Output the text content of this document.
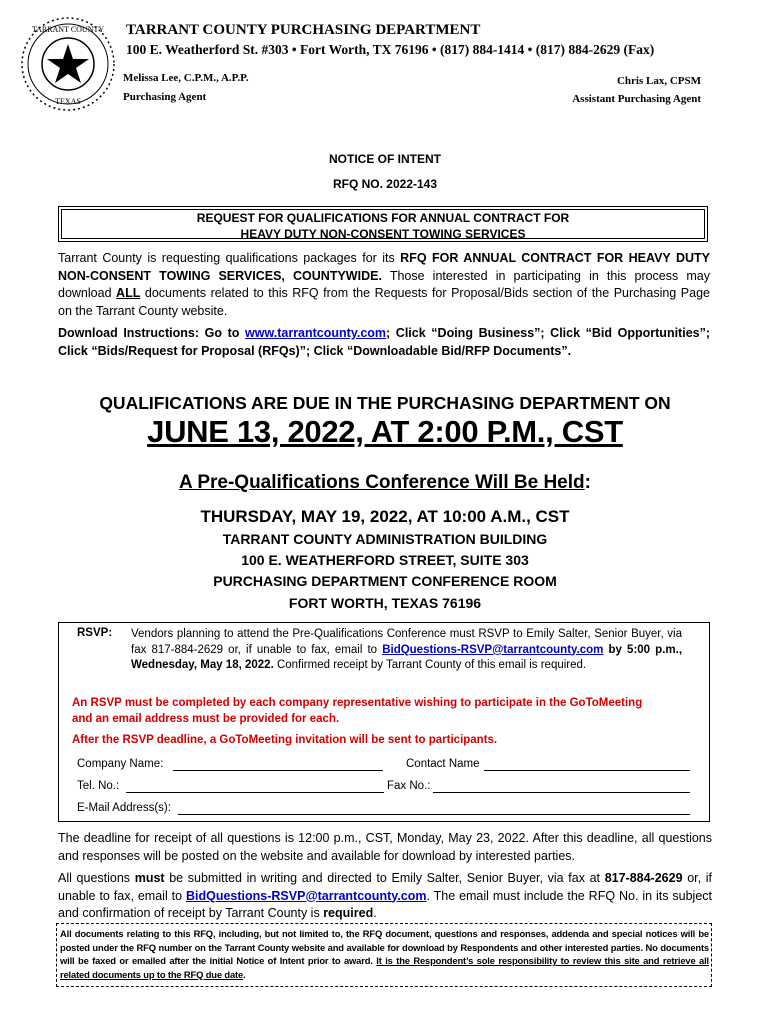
TARRANT COUNTY
TEXAS
TARRANT COUNTY PURCHASING DEPARTMENT
100 E. Weatherford St. #303 • Fort Worth, TX 76196 • (817) 884-1414 • (817) 884-2629 (Fax)
Melissa Lee, C.P.M., A.P.P.
Purchasing Agent
Chris Lax, CPSM
Assistant Purchasing Agent
NOTICE OF INTENT
RFQ NO. 2022-143
REQUEST FOR QUALIFICATIONS FOR ANNUAL CONTRACT FOR
HEAVY DUTY NON-CONSENT TOWING SERVICES
Tarrant County is requesting qualifications packages for its RFQ FOR ANNUAL CONTRACT FOR HEAVY DUTY NON-CONSENT TOWING SERVICES, COUNTYWIDE. Those interested in participating in this process may download ALL documents related to this RFQ from the Requests for Proposal/Bids section of the Purchasing Page on the Tarrant County website.
Download Instructions: Go to www.tarrantcounty.com; Click “Doing Business”; Click “Bid Opportunities”; Click “Bids/Request for Proposal (RFQs)”; Click “Downloadable Bid/RFP Documents”.
QUALIFICATIONS ARE DUE IN THE PURCHASING DEPARTMENT ON
JUNE 13, 2022, AT 2:00 P.M., CST
A Pre-Qualifications Conference Will Be Held:
THURSDAY, MAY 19, 2022, AT 10:00 A.M., CST
TARRANT COUNTY ADMINISTRATION BUILDING
100 E. WEATHERFORD STREET, SUITE 303
PURCHASING DEPARTMENT CONFERENCE ROOM
FORT WORTH, TEXAS 76196
RSVP: Vendors planning to attend the Pre-Qualifications Conference must RSVP to Emily Salter, Senior Buyer, via fax 817-884-2629 or, if unable to fax, email to BidQuestions-RSVP@tarrantcounty.com by 5:00 p.m., Wednesday, May 18, 2022. Confirmed receipt by Tarrant County of this email is required.
An RSVP must be completed by each company representative wishing to participate in the GoToMeeting and an email address must be provided for each.
After the RSVP deadline, a GoToMeeting invitation will be sent to participants.
Company Name:	Contact Name
Tel. No.:	Fax No.:
E-Mail Address(s):
The deadline for receipt of all questions is 12:00 p.m., CST, Monday, May 23, 2022. After this deadline, all questions and responses will be posted on the website and available for download by interested parties.
All questions must be submitted in writing and directed to Emily Salter, Senior Buyer, via fax at 817-884-2629 or, if unable to fax, email to BidQuestions-RSVP@tarrantcounty.com. The email must include the RFQ No. in its subject and confirmation of receipt by Tarrant County is required.
All documents relating to this RFQ, including, but not limited to, the RFQ document, questions and responses, addenda and special notices will be posted under the RFQ number on the Tarrant County website and available for download by Respondents and other interested parties. No documents will be faxed or emailed after the initial Notice of Intent prior to award. It is the Respondent’s sole responsibility to review this site and retrieve all related documents up to the RFQ due date.
